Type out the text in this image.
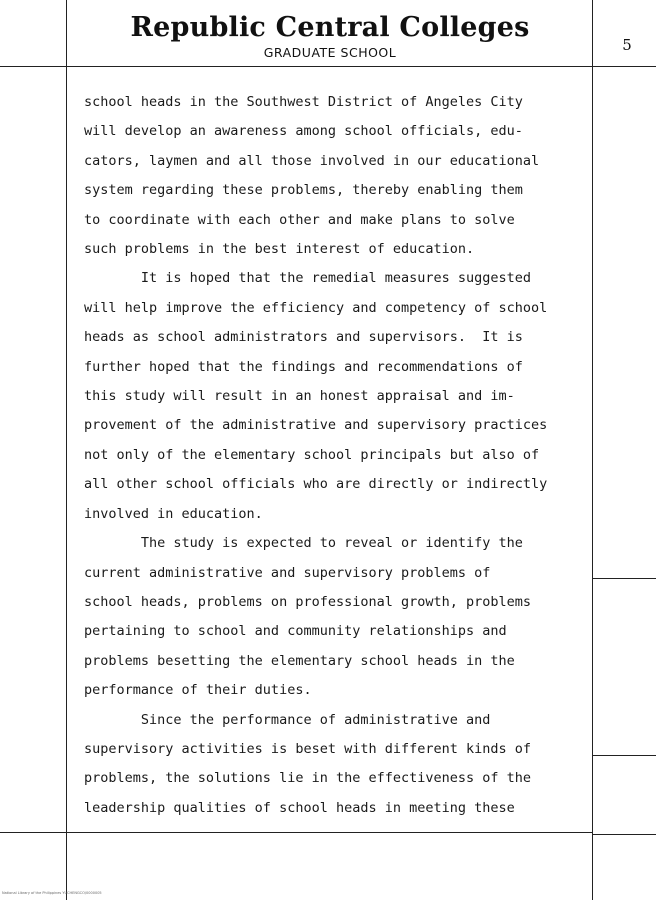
Republic Central Colleges

GRADUATE SCHOOL	5

school heads in the Southwest District of Angeles City

will develop an awareness among school officials, edu-

cators, laymen and all those involved in our educational

system regarding these problems, thereby enabling them

to coordinate with each other and make plans to solve

such problems in the best interest of education.

It is hoped that the remedial measures suggested

will help improve the efficiency and competency of school

heads as school administrators and supervisors.  It is

further hoped that the findings and recommendations of

this study will result in an honest appraisal and im-

provement of the administrative and supervisory practices

not only of the elementary school principals but also of

all other school officials who are directly or indirectly

involved in education.

The study is expected to reveal or identify the

current administrative and supervisory problems of

school heads, problems on professional growth, problems

pertaining to school and community relationships and

problems besetting the elementary school heads in the

performance of their duties.

Since the performance of administrative and

supervisory activities is beset with different kinds of

problems, the solutions lie in the effectiveness of the

leadership qualities of school heads in meeting these

National Library of the Philippines YUCHENGCO/0000005
